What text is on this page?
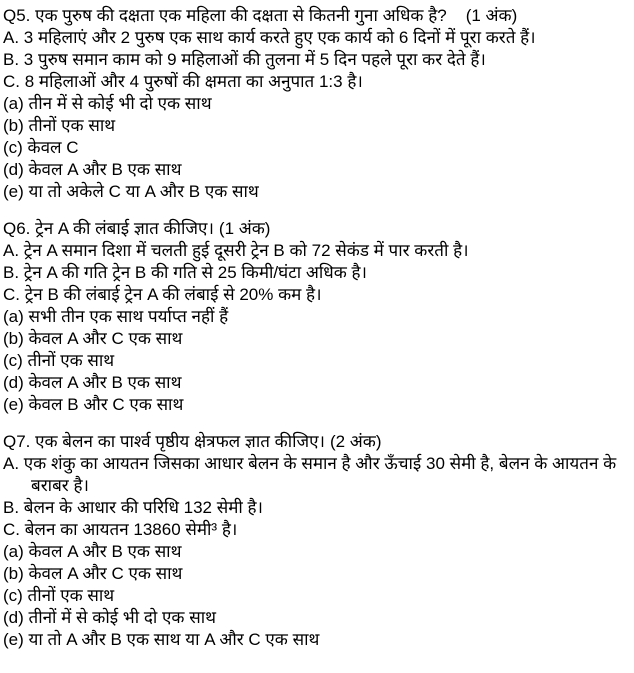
Q5. एक पुरुष की दक्षता एक महिला की दक्षता से कितनी गुना अधिक है? (1 अंक)

A. 3 महिलाएं और 2 पुरुष एक साथ कार्य करते हुए एक कार्य को 6 दिनों में पूरा करते हैं।

B. 3 पुरुष समान काम को 9 महिलाओं की तुलना में 5 दिन पहले पूरा कर देते हैं।

C. 8 महिलाओं और 4 पुरुषों की क्षमता का अनुपात 1:3 है।

(a) तीन में से कोई भी दो एक साथ

(b) तीनों एक साथ

(c) केवल C

(d) केवल A और B एक साथ

(e) या तो अकेले C या A और B एक साथ

Q6. ट्रेन A की लंबाई ज्ञात कीजिए। (1 अंक)

A. ट्रेन A समान दिशा में चलती हुई दूसरी ट्रेन B को 72 सेकंड में पार करती है।

B. ट्रेन A की गति ट्रेन B की गति से 25 किमी/घंटा अधिक है।

C. ट्रेन B की लंबाई ट्रेन A की लंबाई से 20% कम है।

(a) सभी तीन एक साथ पर्याप्त नहीं हैं

(b) केवल A और C एक साथ

(c) तीनों एक साथ

(d) केवल A और B एक साथ

(e) केवल B और C एक साथ

Q7. एक बेलन का पार्श्व पृष्ठीय क्षेत्रफल ज्ञात कीजिए। (2 अंक)

A. एक शंकु का आयतन जिसका आधार बेलन के समान है और ऊँचाई 30 सेमी है, बेलन के आयतन के बराबर है।

B. बेलन के आधार की परिधि 132 सेमी है।

C. बेलन का आयतन 13860 सेमी³ है।

(a) केवल A और B एक साथ

(b) केवल A और C एक साथ

(c) तीनों एक साथ

(d) तीनों में से कोई भी दो एक साथ

(e) या तो A और B एक साथ या A और C एक साथ
